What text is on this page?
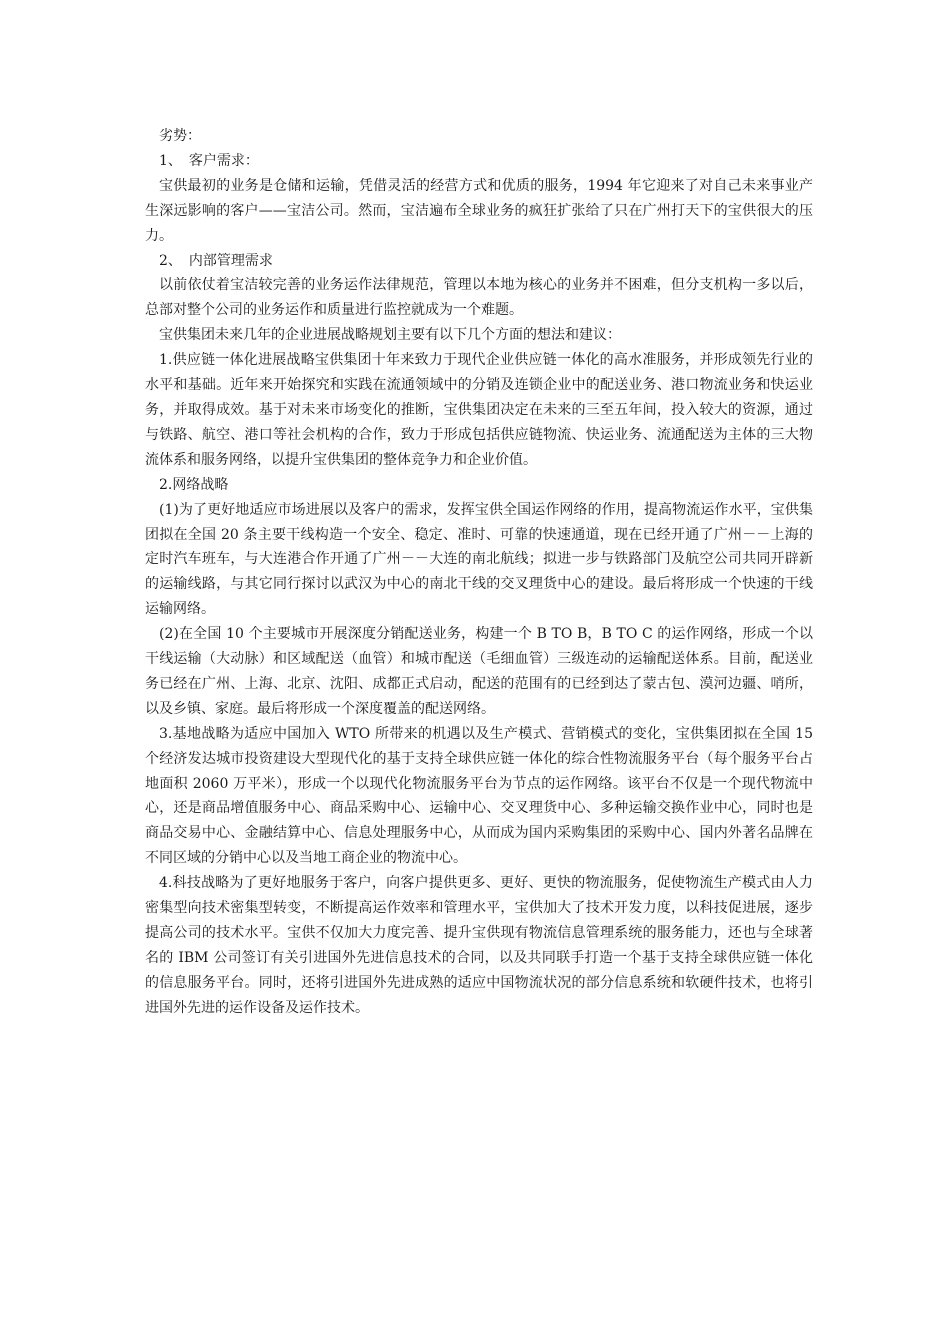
劣势：

1、　客户需求：

宝供最初的业务是仓储和运输，凭借灵活的经营方式和优质的服务，1994 年它迎来了对自己未来事业产生深远影响的客户——宝洁公司。然而，宝洁遍布全球业务的疯狂扩张给了只在广州打天下的宝供很大的压力。

2、　内部管理需求

以前依仗着宝洁较完善的业务运作法律规范，管理以本地为核心的业务并不困难，但分支机构一多以后，总部对整个公司的业务运作和质量进行监控就成为一个难题。

宝供集团未来几年的企业进展战略规划主要有以下几个方面的想法和建议：

1.供应链一体化进展战略宝供集团十年来致力于现代企业供应链一体化的高水准服务，并形成领先行业的水平和基础。近年来开始探究和实践在流通领域中的分销及连锁企业中的配送业务、港口物流业务和快运业务，并取得成效。基于对未来市场变化的推断，宝供集团决定在未来的三至五年间，投入较大的资源，通过与铁路、航空、港口等社会机构的合作，致力于形成包括供应链物流、快运业务、流通配送为主体的三大物流体系和服务网络，以提升宝供集团的整体竞争力和企业价值。

2.网络战略

(1)为了更好地适应市场进展以及客户的需求，发挥宝供全国运作网络的作用，提高物流运作水平，宝供集团拟在全国 20 条主要干线构造一个安全、稳定、准时、可靠的快速通道，现在已经开通了广州－－上海的定时汽车班车，与大连港合作开通了广州－－大连的南北航线；拟进一步与铁路部门及航空公司共同开辟新的运输线路，与其它同行探讨以武汉为中心的南北干线的交叉理货中心的建设。最后将形成一个快速的干线运输网络。

(2)在全国 10 个主要城市开展深度分销配送业务，构建一个 B TO B，B TO C 的运作网络，形成一个以干线运输（大动脉）和区域配送（血管）和城市配送（毛细血管）三级连动的运输配送体系。目前，配送业务已经在广州、上海、北京、沈阳、成都正式启动，配送的范围有的已经到达了蒙古包、漠河边疆、哨所，以及乡镇、家庭。最后将形成一个深度覆盖的配送网络。

3.基地战略为适应中国加入 WTO 所带来的机遇以及生产模式、营销模式的变化，宝供集团拟在全国 15 个经济发达城市投资建设大型现代化的基于支持全球供应链一体化的综合性物流服务平台（每个服务平台占地面积 2060 万平米），形成一个以现代化物流服务平台为节点的运作网络。该平台不仅是一个现代物流中心，还是商品增值服务中心、商品采购中心、运输中心、交叉理货中心、多种运输交换作业中心，同时也是商品交易中心、金融结算中心、信息处理服务中心，从而成为国内采购集团的采购中心、国内外著名品牌在不同区域的分销中心以及当地工商企业的物流中心。

4.科技战略为了更好地服务于客户，向客户提供更多、更好、更快的物流服务，促使物流生产模式由人力密集型向技术密集型转变，不断提高运作效率和管理水平，宝供加大了技术开发力度，以科技促进展，逐步提高公司的技术水平。宝供不仅加大力度完善、提升宝供现有物流信息管理系统的服务能力，还也与全球著名的 IBM 公司签订有关引进国外先进信息技术的合同，以及共同联手打造一个基于支持全球供应链一体化的信息服务平台。同时，还将引进国外先进成熟的适应中国物流状况的部分信息系统和软硬件技术，也将引进国外先进的运作设备及运作技术。
